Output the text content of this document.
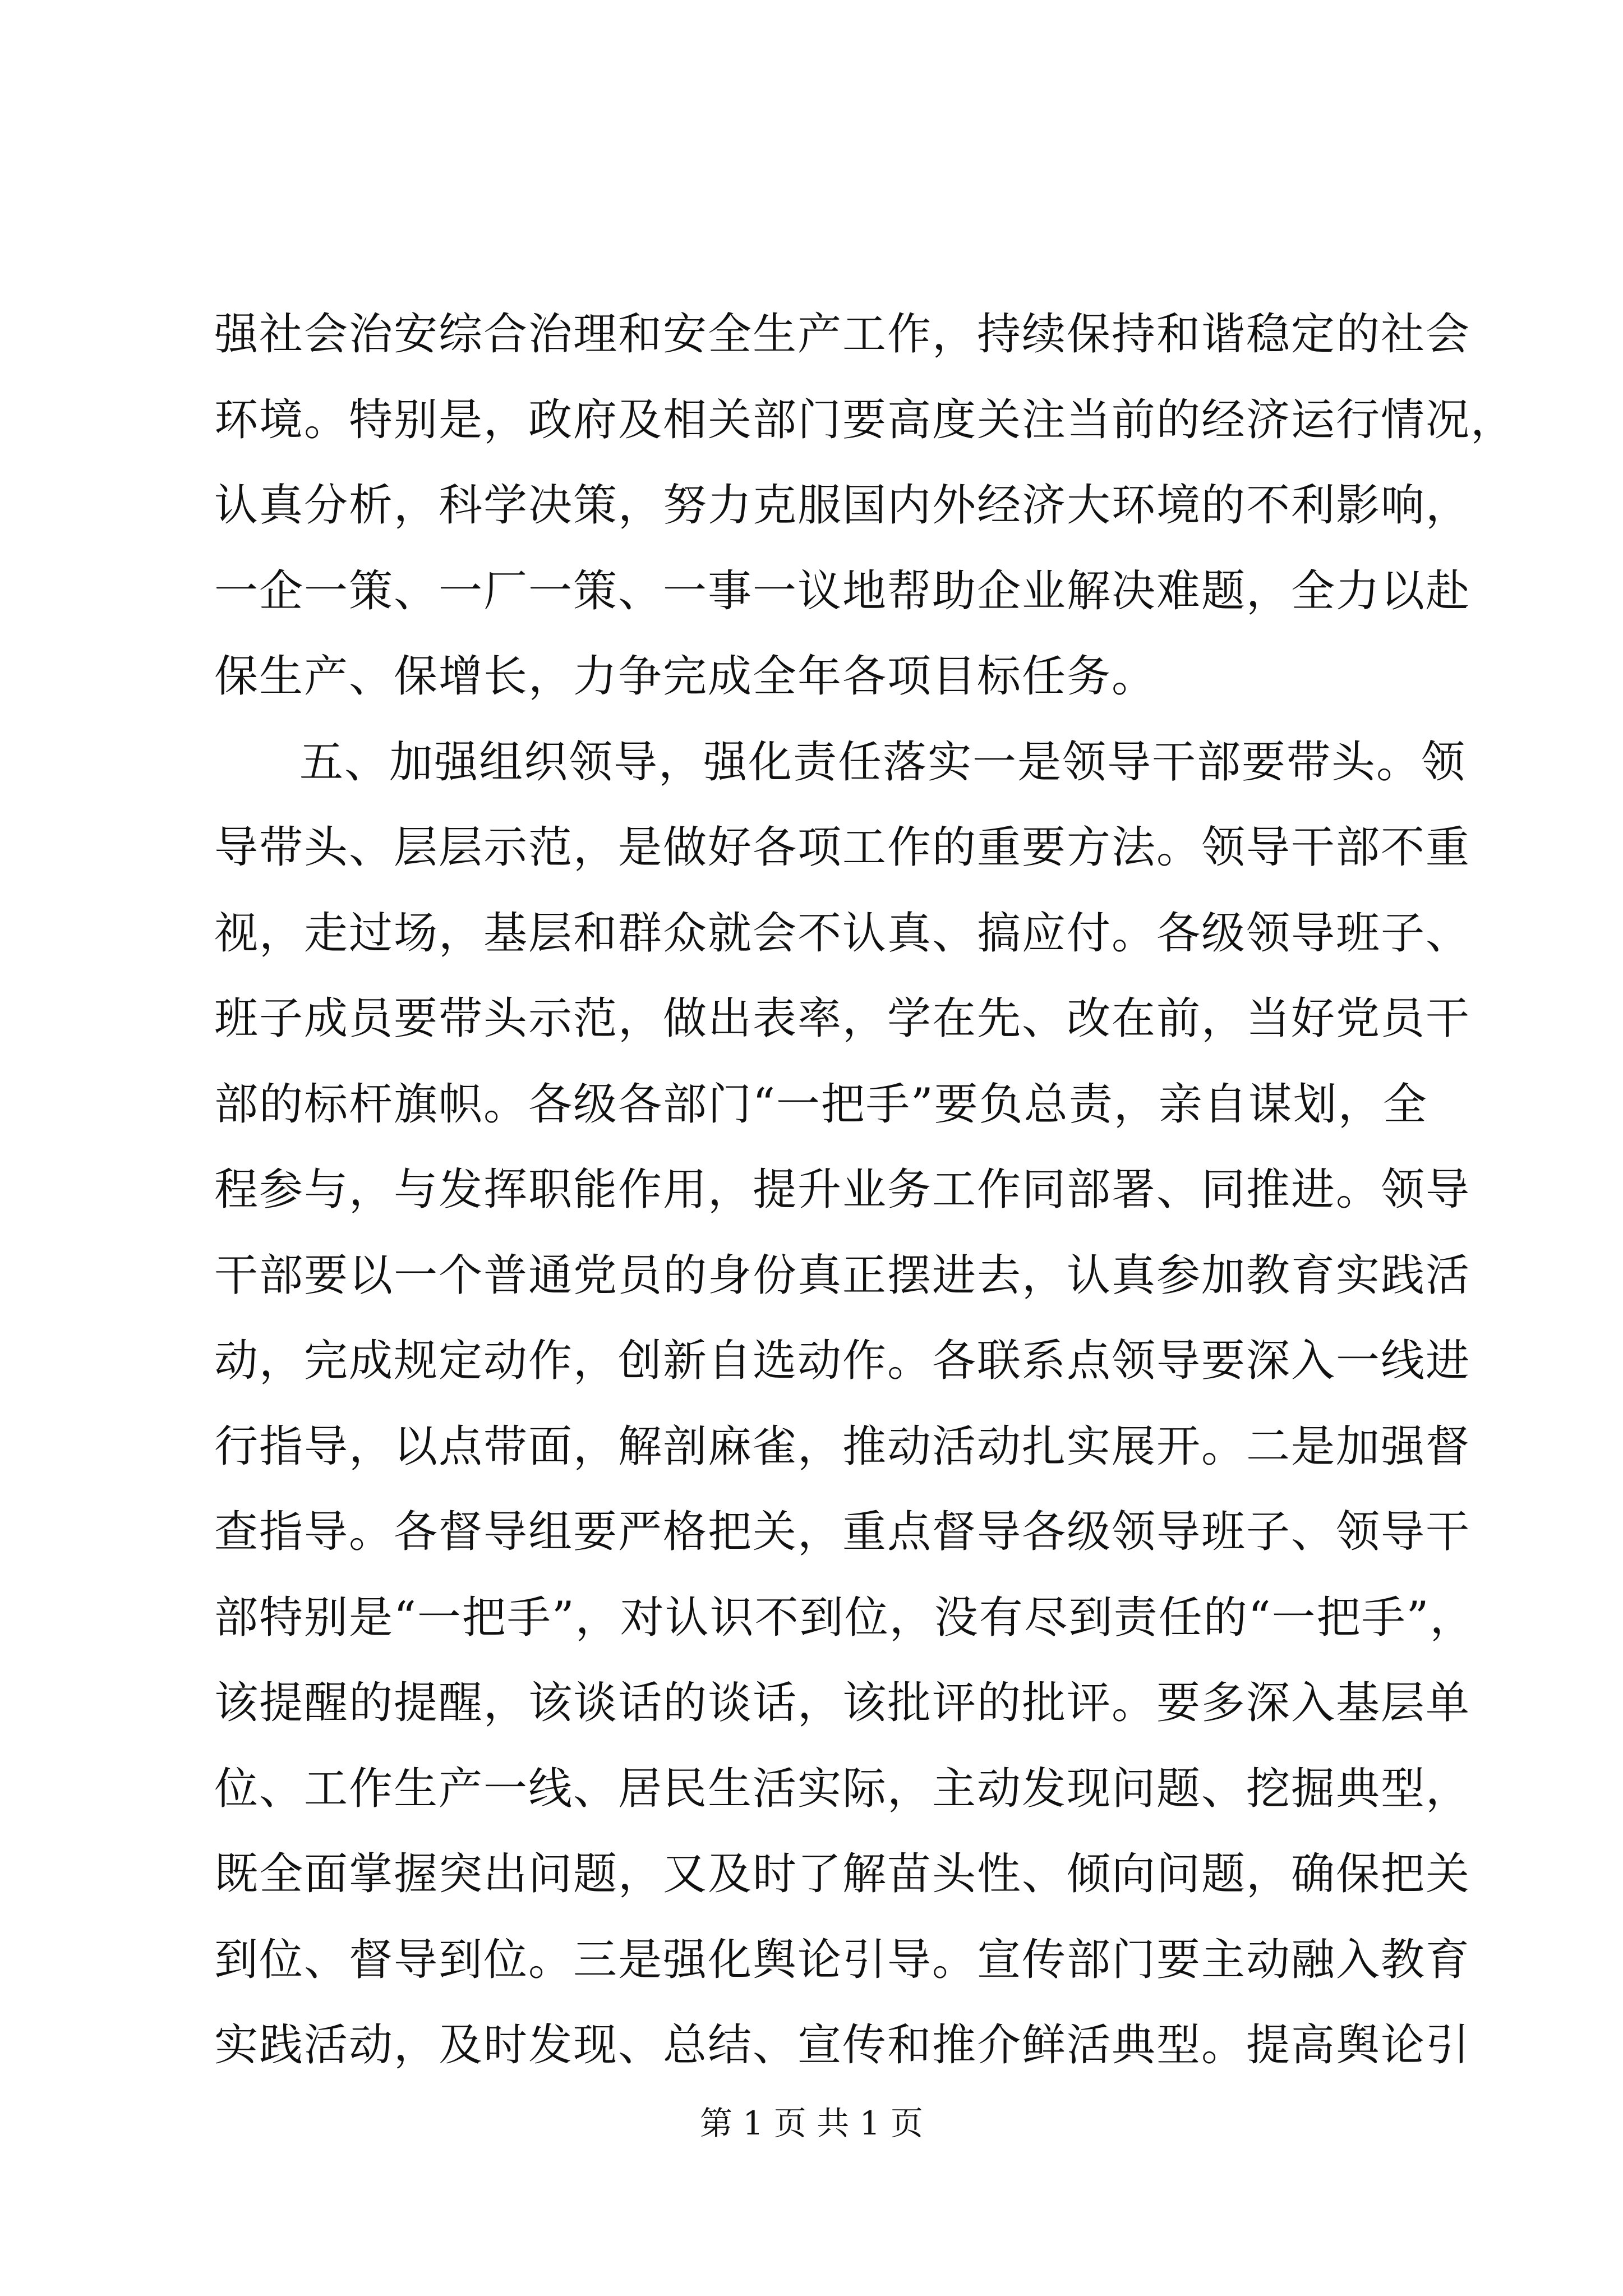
强社会治安综合治理和安全生产工作，持续保持和谐稳定的社会
环境。特别是，政府及相关部门要高度关注当前的经济运行情况，
认真分析，科学决策，努力克服国内外经济大环境的不利影响，
一企一策、一厂一策、一事一议地帮助企业解决难题，全力以赴
保生产、保增长，力争完成全年各项目标任务。
五、加强组织领导，强化责任落实一是领导干部要带头。领
导带头、层层示范，是做好各项工作的重要方法。领导干部不重
视，走过场，基层和群众就会不认真、搞应付。各级领导班子、
班子成员要带头示范，做出表率，学在先、改在前，当好党员干
部的标杆旗帜。各级各部门“一把手”要负总责，亲自谋划，全
程参与，与发挥职能作用，提升业务工作同部署、同推进。领导
干部要以一个普通党员的身份真正摆进去，认真参加教育实践活
动，完成规定动作，创新自选动作。各联系点领导要深入一线进
行指导，以点带面，解剖麻雀，推动活动扎实展开。二是加强督
查指导。各督导组要严格把关，重点督导各级领导班子、领导干
部特别是“一把手”，对认识不到位，没有尽到责任的“一把手”，
该提醒的提醒，该谈话的谈话，该批评的批评。要多深入基层单
位、工作生产一线、居民生活实际，主动发现问题、挖掘典型，
既全面掌握突出问题，又及时了解苗头性、倾向问题，确保把关
到位、督导到位。三是强化舆论引导。宣传部门要主动融入教育
实践活动，及时发现、总结、宣传和推介鲜活典型。提高舆论引
第 1 页 共 1 页
